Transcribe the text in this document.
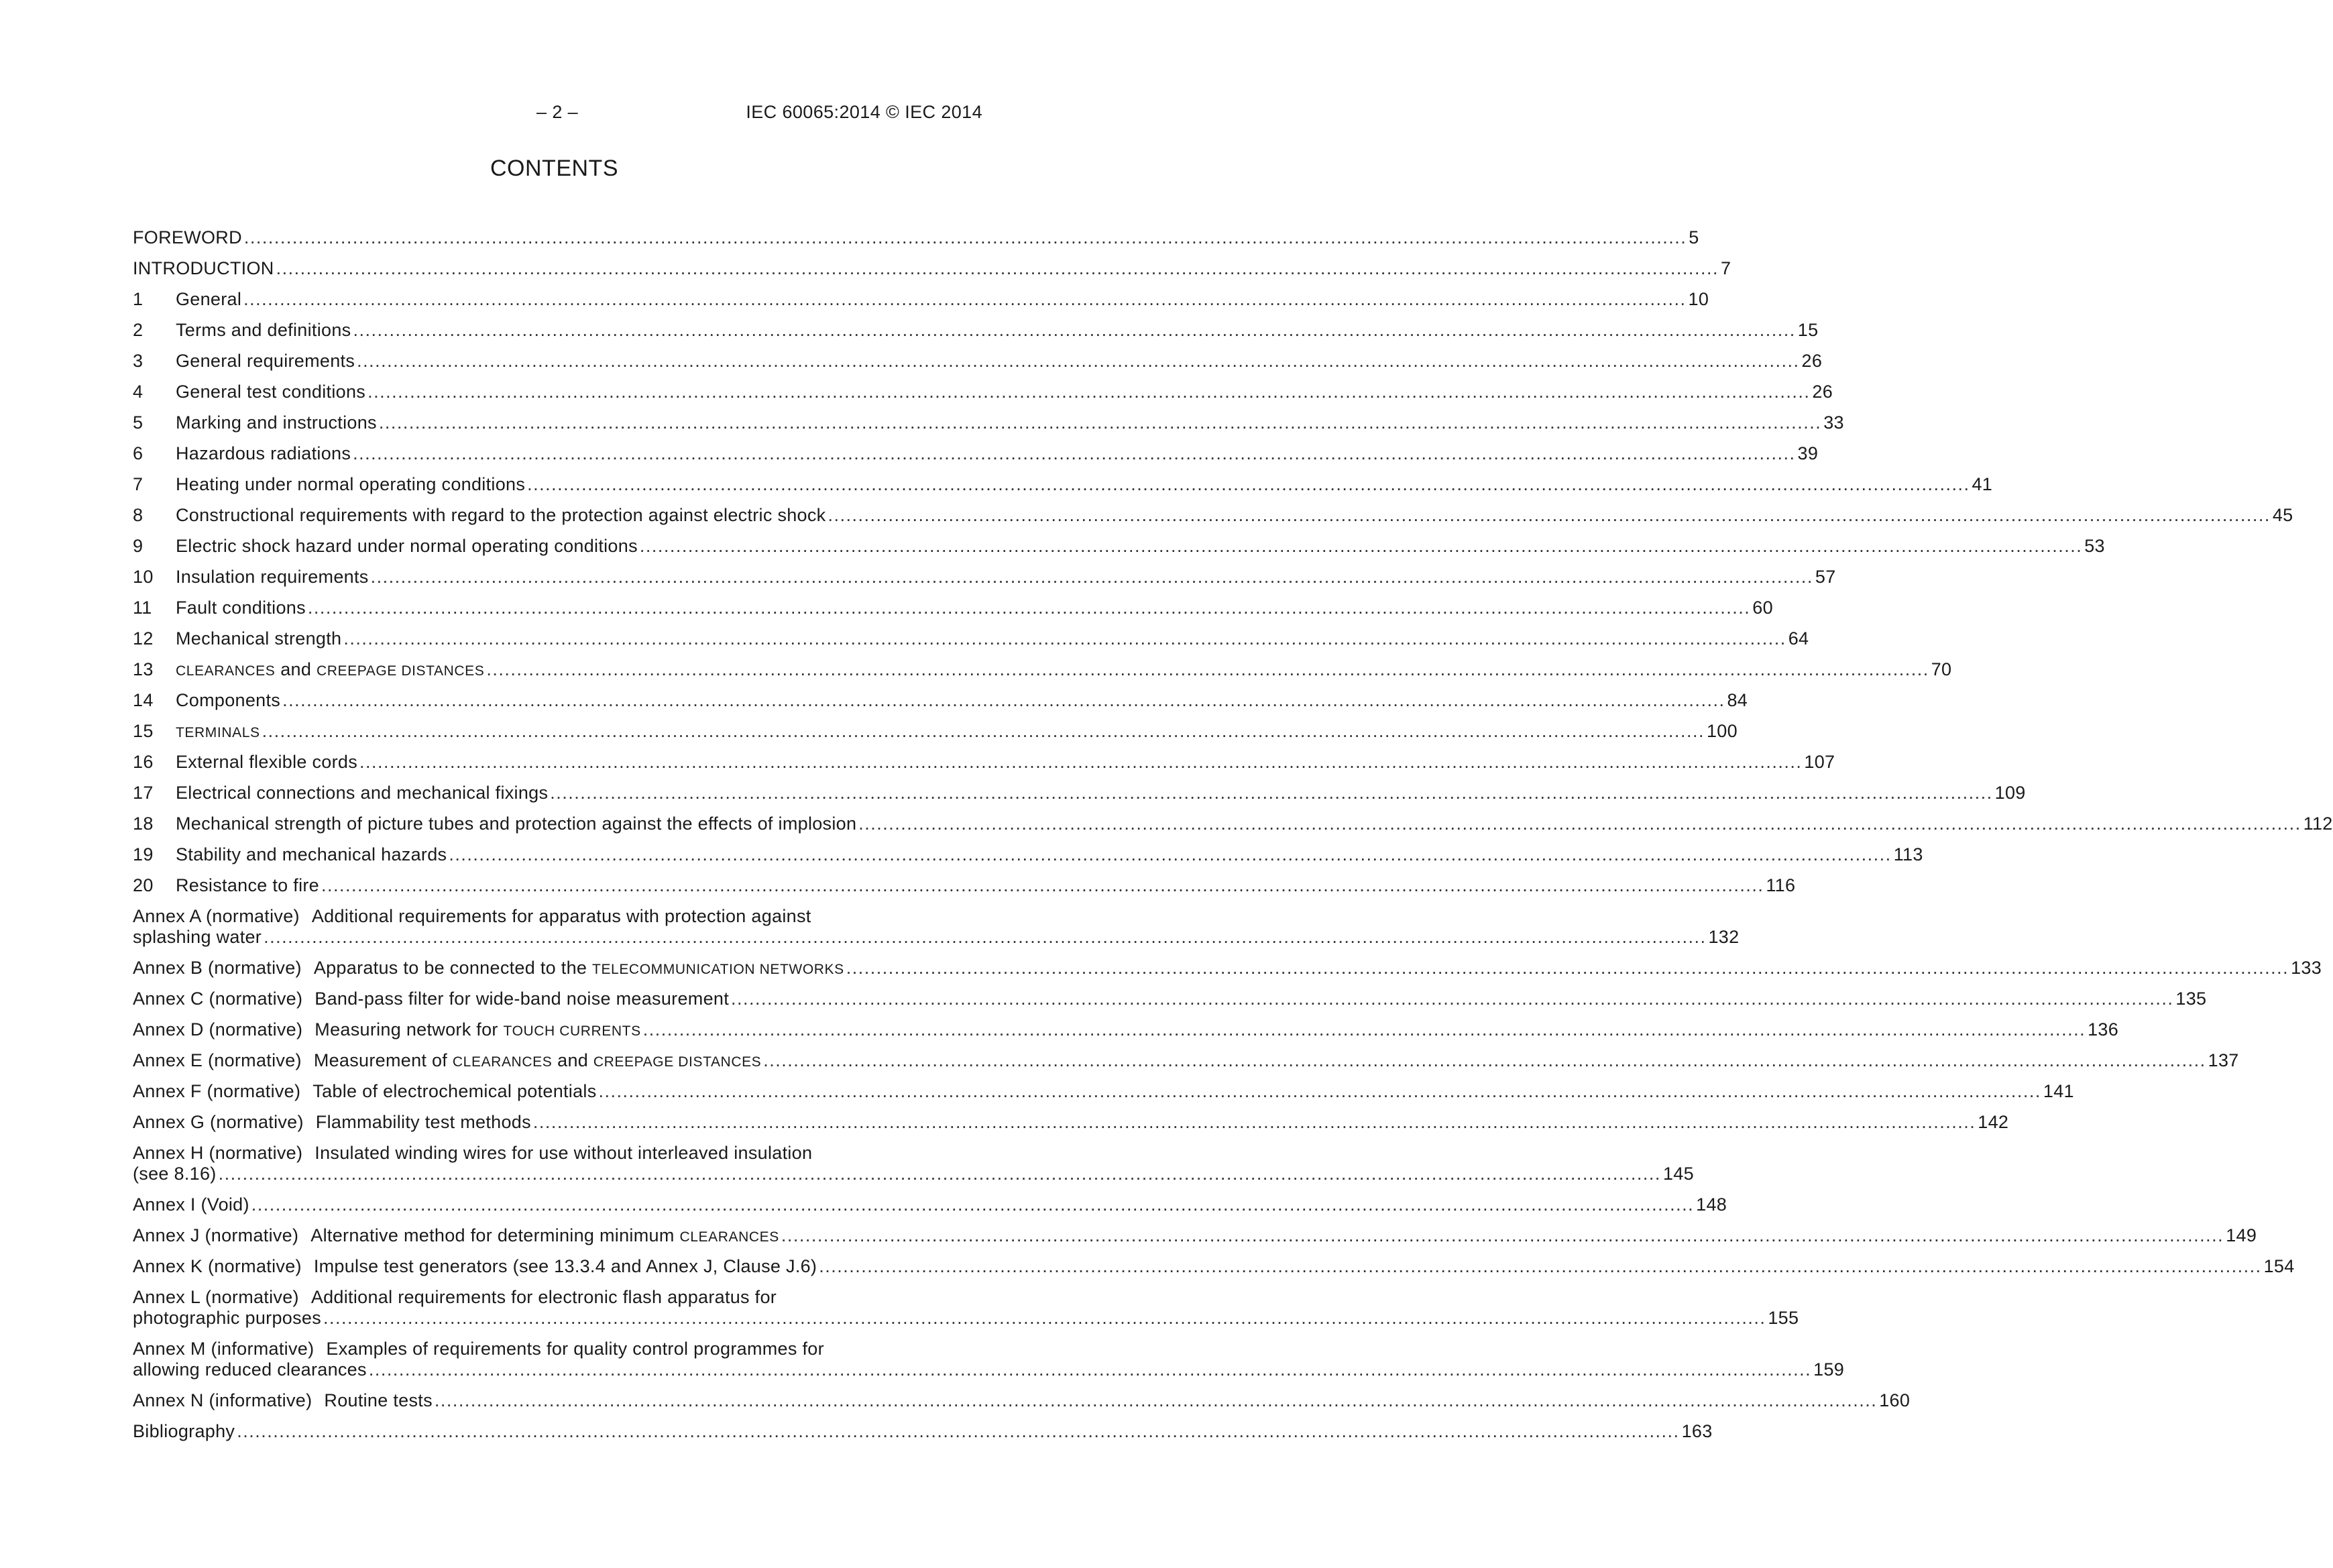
– 2 –	IEC 60065:2014 © IEC 2014
CONTENTS
FOREWORD ............................................................................................................................................................................................................................................... 5
INTRODUCTION ............................................................................................................................................................................................................................................... 7
1	General ............................................................................................................................................................................................................................................... 10
2	Terms and definitions ............................................................................................................................................................................................................................................... 15
3	General requirements ............................................................................................................................................................................................................................................... 26
4	General test conditions ............................................................................................................................................................................................................................................... 26
5	Marking and instructions ............................................................................................................................................................................................................................................... 33
6	Hazardous radiations ............................................................................................................................................................................................................................................... 39
7	Heating under normal operating conditions ............................................................................................................................................................................................................................................... 41
8	Constructional requirements with regard to the protection against electric shock ............................................................................................................................................................................................................................................... 45
9	Electric shock hazard under normal operating conditions ............................................................................................................................................................................................................................................... 53
10	Insulation requirements ............................................................................................................................................................................................................................................... 57
11	Fault conditions ............................................................................................................................................................................................................................................... 60
12	Mechanical strength ............................................................................................................................................................................................................................................... 64
13	CLEARANCES and CREEPAGE DISTANCES ............................................................................................................................................................................................................................................... 70
14	Components ............................................................................................................................................................................................................................................... 84
15	TERMINALS ............................................................................................................................................................................................................................................... 100
16	External flexible cords ............................................................................................................................................................................................................................................... 107
17	Electrical connections and mechanical fixings ............................................................................................................................................................................................................................................... 109
18	Mechanical strength of picture tubes and protection against the effects of implosion ............................................................................................................................................................................................................................................... 112
19	Stability and mechanical hazards ............................................................................................................................................................................................................................................... 113
20	Resistance to fire ............................................................................................................................................................................................................................................... 116
Annex A (normative) Additional requirements for apparatus with protection against
splashing water ............................................................................................................................................................................................................................................... 132
Annex B (normative) Apparatus to be connected to the TELECOMMUNICATION NETWORKS ............................................................................................................................................................................................................................................... 133
Annex C (normative) Band-pass filter for wide-band noise measurement ............................................................................................................................................................................................................................................... 135
Annex D (normative) Measuring network for TOUCH CURRENTS ............................................................................................................................................................................................................................................... 136
Annex E (normative) Measurement of CLEARANCES and CREEPAGE DISTANCES ............................................................................................................................................................................................................................................... 137
Annex F (normative) Table of electrochemical potentials ............................................................................................................................................................................................................................................... 141
Annex G (normative) Flammability test methods ............................................................................................................................................................................................................................................... 142
Annex H (normative) Insulated winding wires for use without interleaved insulation
(see 8.16) ............................................................................................................................................................................................................................................... 145
Annex I (Void) ............................................................................................................................................................................................................................................... 148
Annex J (normative) Alternative method for determining minimum CLEARANCES ............................................................................................................................................................................................................................................... 149
Annex K (normative) Impulse test generators (see 13.3.4 and Annex J, Clause J.6) ............................................................................................................................................................................................................................................... 154
Annex L (normative) Additional requirements for electronic flash apparatus for
photographic purposes ............................................................................................................................................................................................................................................... 155
Annex M (informative) Examples of requirements for quality control programmes for
allowing reduced clearances ............................................................................................................................................................................................................................................... 159
Annex N (informative) Routine tests ............................................................................................................................................................................................................................................... 160
Bibliography ............................................................................................................................................................................................................................................... 163
